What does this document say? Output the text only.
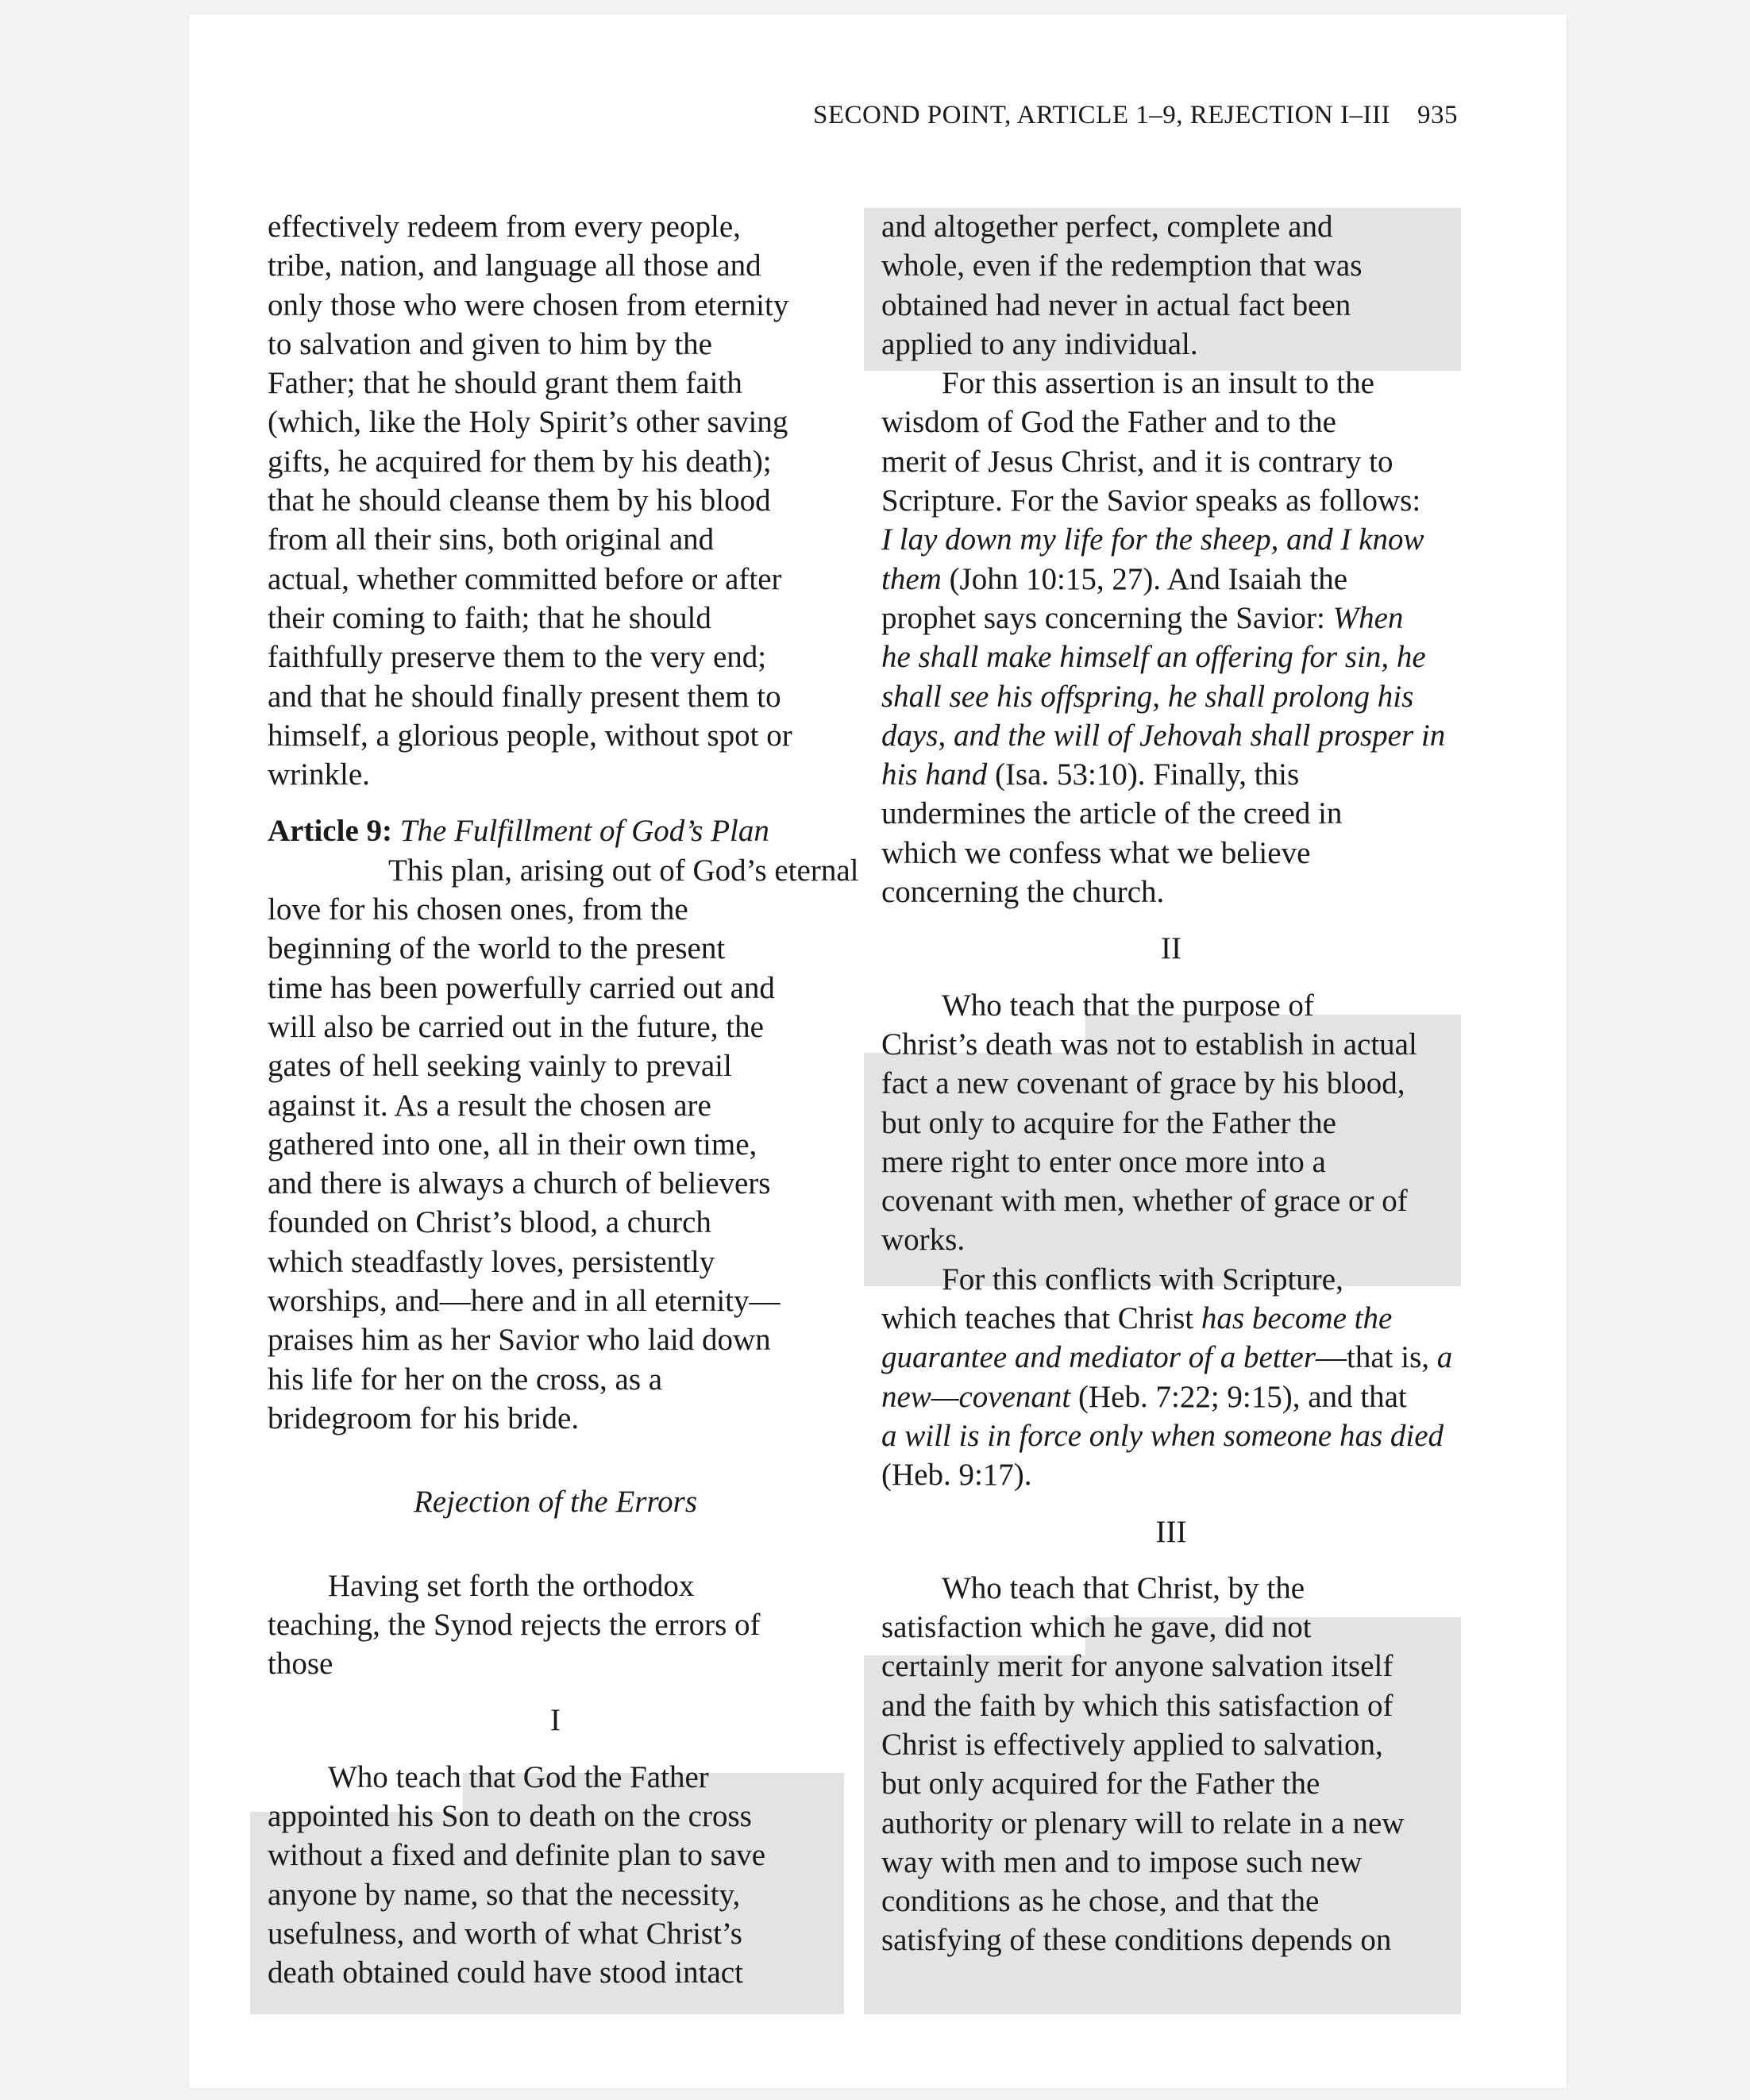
SECOND POINT, ARTICLE 1–9, REJECTION I–III 935

effectively redeem from every people,
tribe, nation, and language all those and
only those who were chosen from eternity
to salvation and given to him by the
Father; that he should grant them faith
(which, like the Holy Spirit’s other saving
gifts, he acquired for them by his death);
that he should cleanse them by his blood
from all their sins, both original and
actual, whether committed before or after
their coming to faith; that he should
faithfully preserve them to the very end;
and that he should finally present them to
himself, a glorious people, without spot or
wrinkle.

Article 9: The Fulfillment of God’s Plan

This plan, arising out of God’s eternal
love for his chosen ones, from the
beginning of the world to the present
time has been powerfully carried out and
will also be carried out in the future, the
gates of hell seeking vainly to prevail
against it. As a result the chosen are
gathered into one, all in their own time,
and there is always a church of believers
founded on Christ’s blood, a church
which steadfastly loves, persistently
worships, and—here and in all eternity—
praises him as her Savior who laid down
his life for her on the cross, as a
bridegroom for his bride.

Rejection of the Errors

Having set forth the orthodox
teaching, the Synod rejects the errors of
those

I

Who teach that God the Father
appointed his Son to death on the cross
without a fixed and definite plan to save
anyone by name, so that the necessity,
usefulness, and worth of what Christ’s
death obtained could have stood intact

and altogether perfect, complete and
whole, even if the redemption that was
obtained had never in actual fact been
applied to any individual.

For this assertion is an insult to the
wisdom of God the Father and to the
merit of Jesus Christ, and it is contrary to
Scripture. For the Savior speaks as follows:
I lay down my life for the sheep, and I know
them (John 10:15, 27). And Isaiah the
prophet says concerning the Savior: When
he shall make himself an offering for sin, he
shall see his offspring, he shall prolong his
days, and the will of Jehovah shall prosper in
his hand (Isa. 53:10). Finally, this
undermines the article of the creed in
which we confess what we believe
concerning the church.

II

Who teach that the purpose of
Christ’s death was not to establish in actual
fact a new covenant of grace by his blood,
but only to acquire for the Father the
mere right to enter once more into a
covenant with men, whether of grace or of
works.

For this conflicts with Scripture,
which teaches that Christ has become the
guarantee and mediator of a better—that is, a
new—covenant (Heb. 7:22; 9:15), and that
a will is in force only when someone has died
(Heb. 9:17).

III

Who teach that Christ, by the
satisfaction which he gave, did not
certainly merit for anyone salvation itself
and the faith by which this satisfaction of
Christ is effectively applied to salvation,
but only acquired for the Father the
authority or plenary will to relate in a new
way with men and to impose such new
conditions as he chose, and that the
satisfying of these conditions depends on
